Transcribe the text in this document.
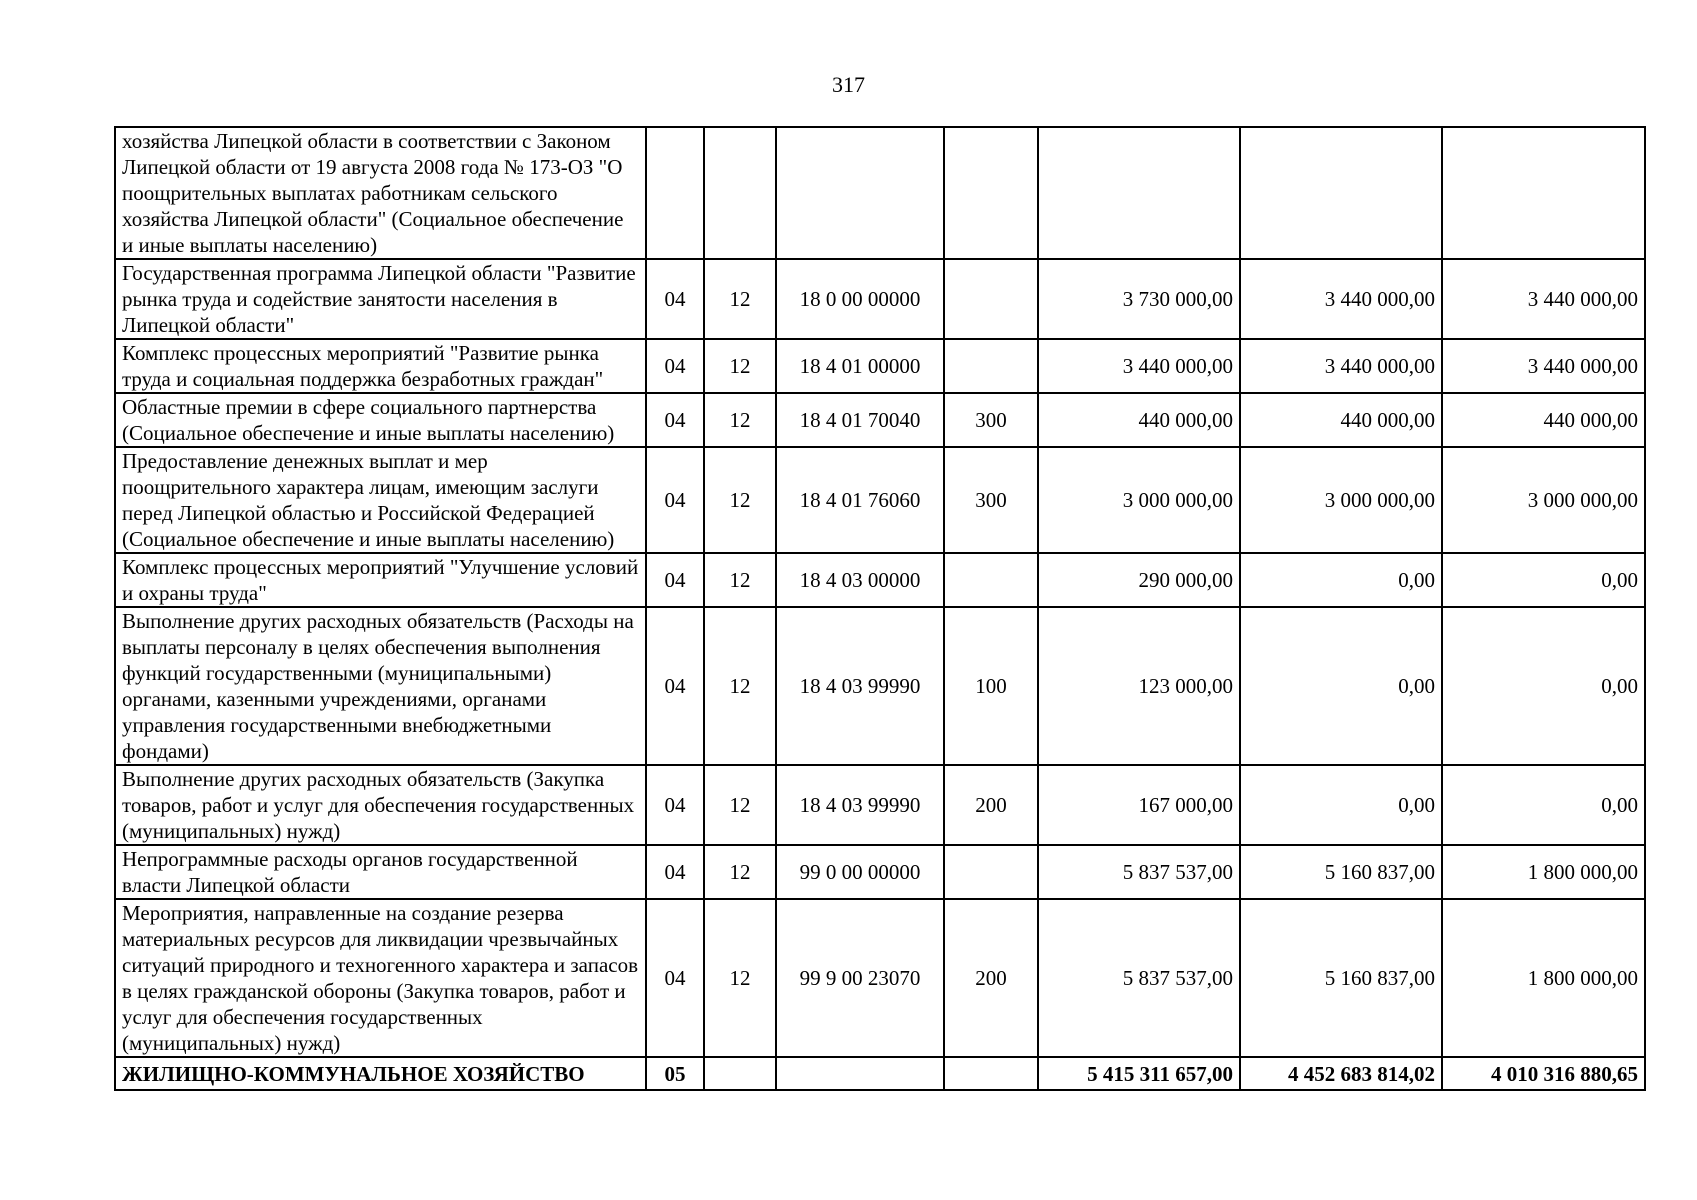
317
хозяйства Липецкой области в соответствии с Законом Липецкой области от 19 августа 2008 года № 173-ОЗ "О поощрительных выплатах работникам сельского хозяйства Липецкой области" (Социальное обеспечение и иные выплаты населению)							
Государственная программа Липецкой области "Развитие рынка труда и содействие занятости населения в Липецкой области"	04	12	18 0 00 00000		3 730 000,00	3 440 000,00	3 440 000,00
Комплекс процессных мероприятий "Развитие рынка труда и социальная поддержка безработных граждан"	04	12	18 4 01 00000		3 440 000,00	3 440 000,00	3 440 000,00
Областные премии в сфере социального партнерства (Социальное обеспечение и иные выплаты населению)	04	12	18 4 01 70040	300	440 000,00	440 000,00	440 000,00
Предоставление денежных выплат и мер поощрительного характера лицам, имеющим заслуги перед Липецкой областью и Российской Федерацией (Социальное обеспечение и иные выплаты населению)	04	12	18 4 01 76060	300	3 000 000,00	3 000 000,00	3 000 000,00
Комплекс процессных мероприятий "Улучшение условий и охраны труда"	04	12	18 4 03 00000		290 000,00	0,00	0,00
Выполнение других расходных обязательств (Расходы на выплаты персоналу в целях обеспечения выполнения функций государственными (муниципальными) органами, казенными учреждениями, органами управления государственными внебюджетными фондами)	04	12	18 4 03 99990	100	123 000,00	0,00	0,00
Выполнение других расходных обязательств (Закупка товаров, работ и услуг для обеспечения государственных (муниципальных) нужд)	04	12	18 4 03 99990	200	167 000,00	0,00	0,00
Непрограммные расходы органов государственной власти Липецкой области	04	12	99 0 00 00000		5 837 537,00	5 160 837,00	1 800 000,00
Мероприятия, направленные на создание резерва материальных ресурсов для ликвидации чрезвычайных ситуаций природного и техногенного характера и запасов в целях гражданской обороны (Закупка товаров, работ и услуг для обеспечения государственных (муниципальных) нужд)	04	12	99 9 00 23070	200	5 837 537,00	5 160 837,00	1 800 000,00
ЖИЛИЩНО-КОММУНАЛЬНОЕ ХОЗЯЙСТВО	05				5 415 311 657,00	4 452 683 814,02	4 010 316 880,65
